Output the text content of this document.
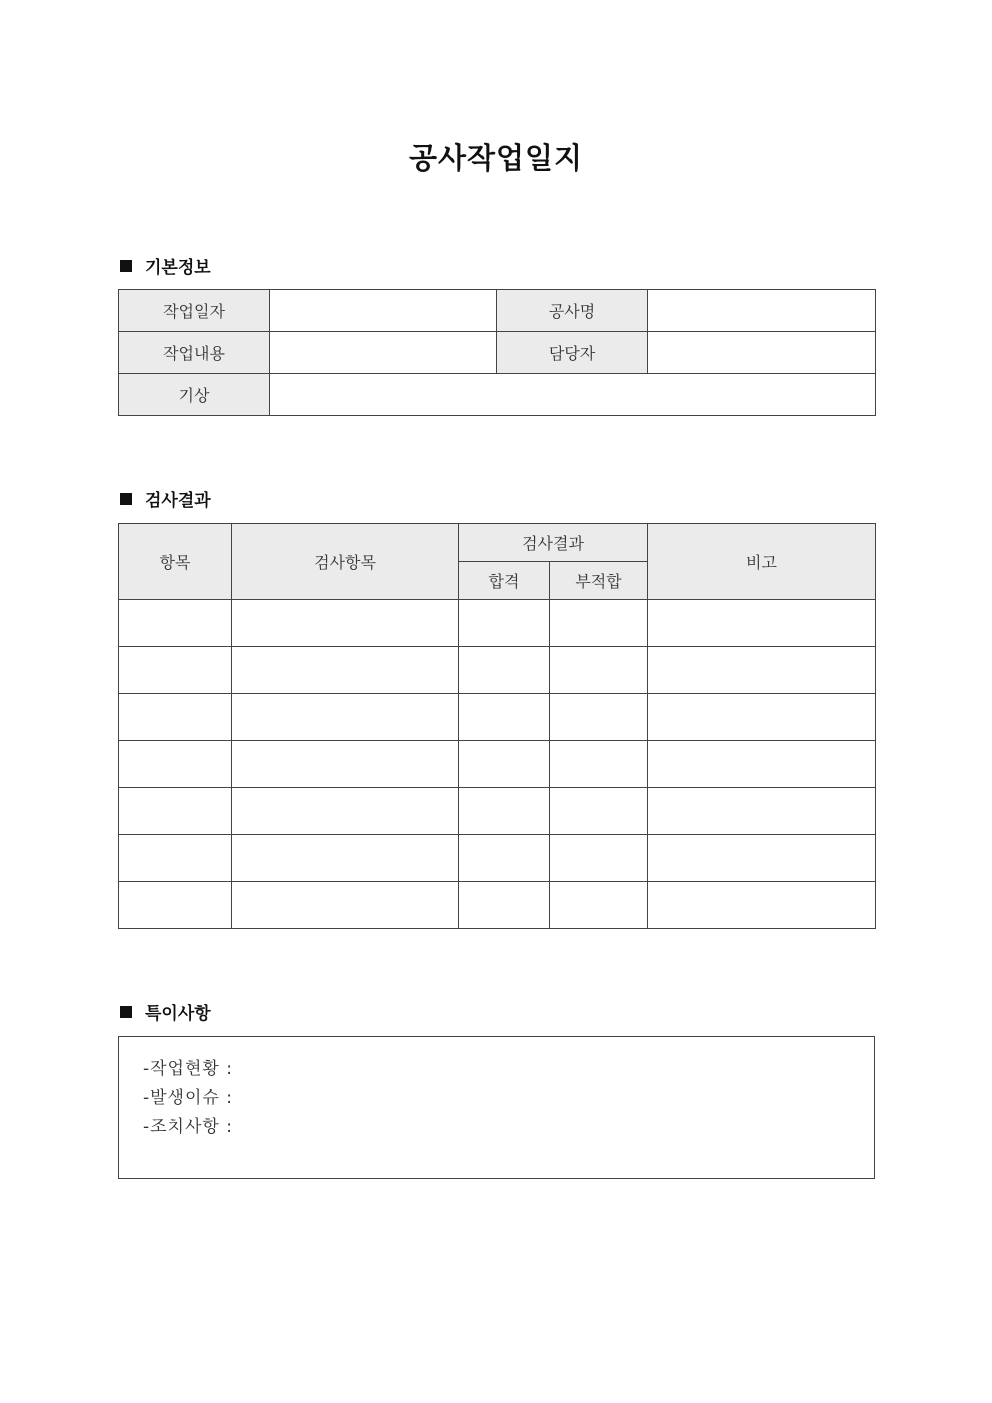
공사작업일지
기본정보
작업일자		공사명	
작업내용		담당자	
기상			
검사결과
항목	검사항목	검사결과		비고
		합격	부적합	

특이사항
-작업현황 :
-발생이슈 :
-조치사항 :
